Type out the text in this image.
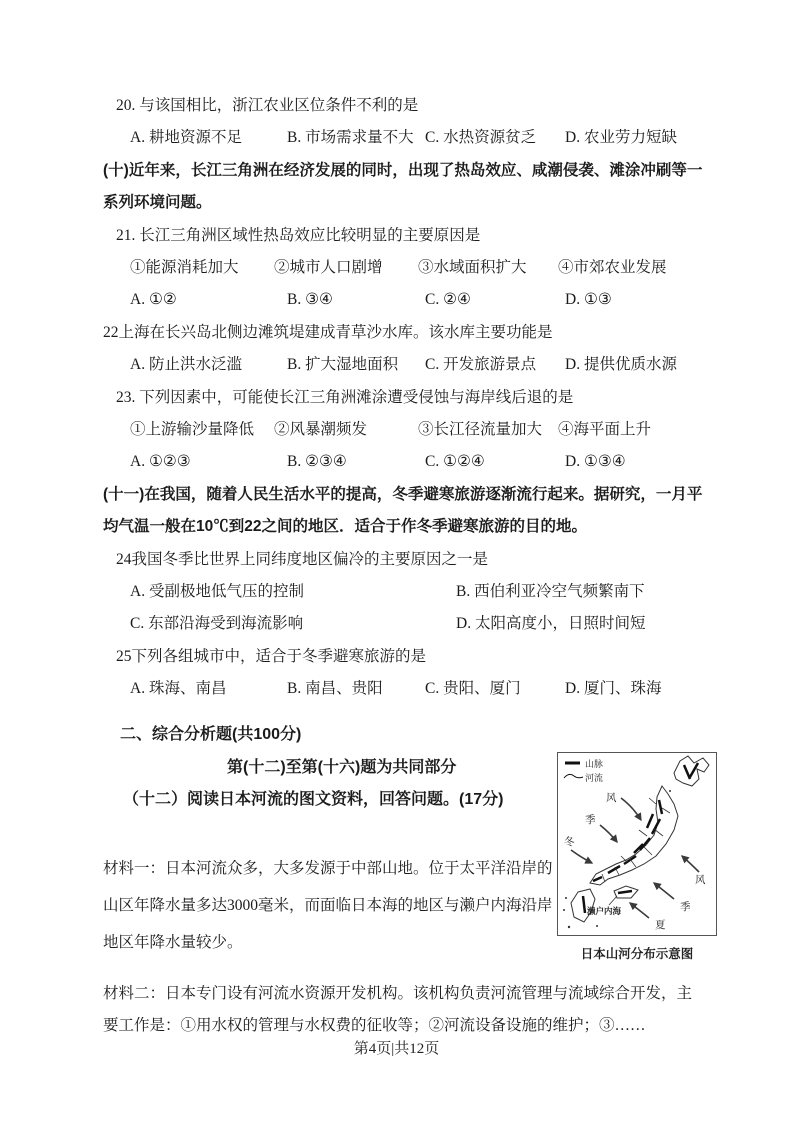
20. 与该国相比，浙江农业区位条件不利的是
A. 耕地资源不足	B. 市场需求量不大 C. 水热资源贫乏	D. 农业劳力短缺
(十)近年来，长江三角洲在经济发展的同时，出现了热岛效应、咸潮侵袭、滩涂冲刷等一系列环境问题。
21. 长江三角洲区域性热岛效应比较明显的主要原因是
①能源消耗加大	②城市人口剧增	③水域面积扩大	④市郊农业发展
A. ①②	B. ③④	C. ②④	D. ①③
22上海在长兴岛北侧边滩筑堤建成青草沙水库。该水库主要功能是
A. 防止洪水泛滥	B. 扩大湿地面积	C. 开发旅游景点	D. 提供优质水源
23. 下列因素中，可能使长江三角洲滩涂遭受侵蚀与海岸线后退的是
①上游输沙量降低	②风暴潮频发	③长江径流量加大	④海平面上升
A. ①②③	B. ②③④	C. ①②④	D. ①③④
(十一)在我国，随着人民生活水平的提高，冬季避寒旅游逐渐流行起来。据研究，一月平均气温一般在10℃到22之间的地区．适合于作冬季避寒旅游的目的地。
24我国冬季比世界上同纬度地区偏冷的主要原因之一是
A. 受副极地低气压的控制	B. 西伯利亚冷空气频繁南下
C. 东部沿海受到海流影响	D. 太阳高度小，日照时间短
25下列各组城市中，适合于冬季避寒旅游的是
A. 珠海、南昌	B. 南昌、贵阳	C. 贵阳、厦门	D. 厦门、珠海
二、综合分析题(共100分)
第(十二)至第(十六)题为共同部分
（十二）阅读日本河流的图文资料，回答问题。(17分)
材料一：日本河流众多，大多发源于中部山地。位于太平洋沿岸的山区年降水量多达3000毫米，而面临日本海的地区与濑户内海沿岸地区年降水量较少。
材料二：日本专门设有河流水资源开发机构。该机构负责河流管理与流域综合开发，主要工作是：①用水权的管理与水权费的征收等；②河流设备设施的维护；③……
山脉
河流
风
季
冬
风
季
夏
濑户内海
日本山河分布示意图
第4页|共12页
